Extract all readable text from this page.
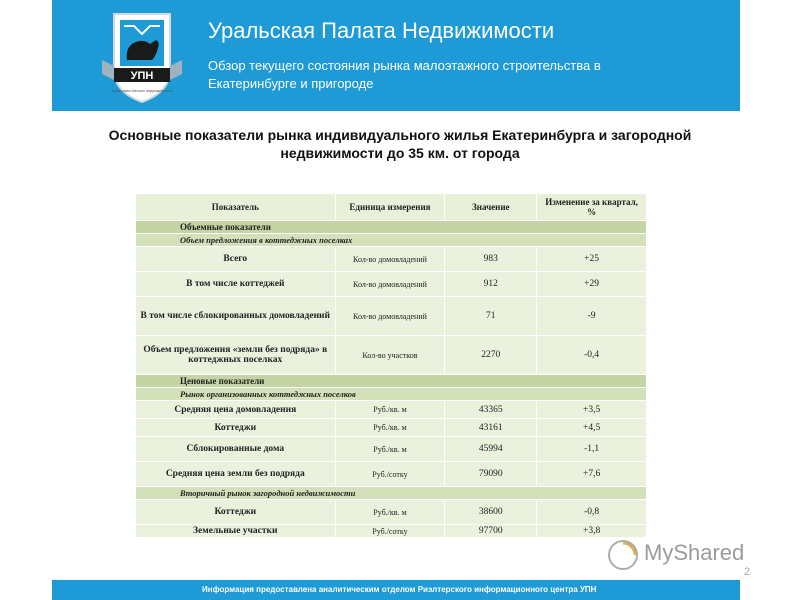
УПН
Уральская палата недвижимости
Уральская Палата Недвижимости
Обзор текущего состояния рынка малоэтажного строительства в Екатеринбурге и пригороде
Основные показатели рынка индивидуального жилья Екатеринбурга и загородной недвижимости до 35 км. от города
Показатель	Единица измерения	Значение	Изменение за квартал, %
Объемные показатели			
Объем предложения в коттеджных поселках			
Всего	Кол-во домовладений	983	+25
В том числе коттеджей	Кол-во домовладений	912	+29
В том числе сблокированных домовладений	Кол-во домовладений	71	-9
Объем предложения «земли без подряда» в коттеджных поселках	Кол-во участков	2270	-0,4
Ценовые показатели			
Рынок организованных коттеджных поселков			
Средняя цена домовладения	Руб./кв. м	43365	+3,5
Коттеджи	Руб./кв. м	43161	+4,5
Сблокированные дома	Руб./кв. м	45994	-1,1
Средняя цена земли без подряда	Руб./сотку	79090	+7,6
Вторичный рынок загородной недвижимости			
Коттеджи	Руб./кв. м	38600	-0,8
Земельные участки	Руб./сотку	97700	+3,8
MyShared
2
Информация предоставлена аналитическим отделом Риэлтерского информационного центра УПН
